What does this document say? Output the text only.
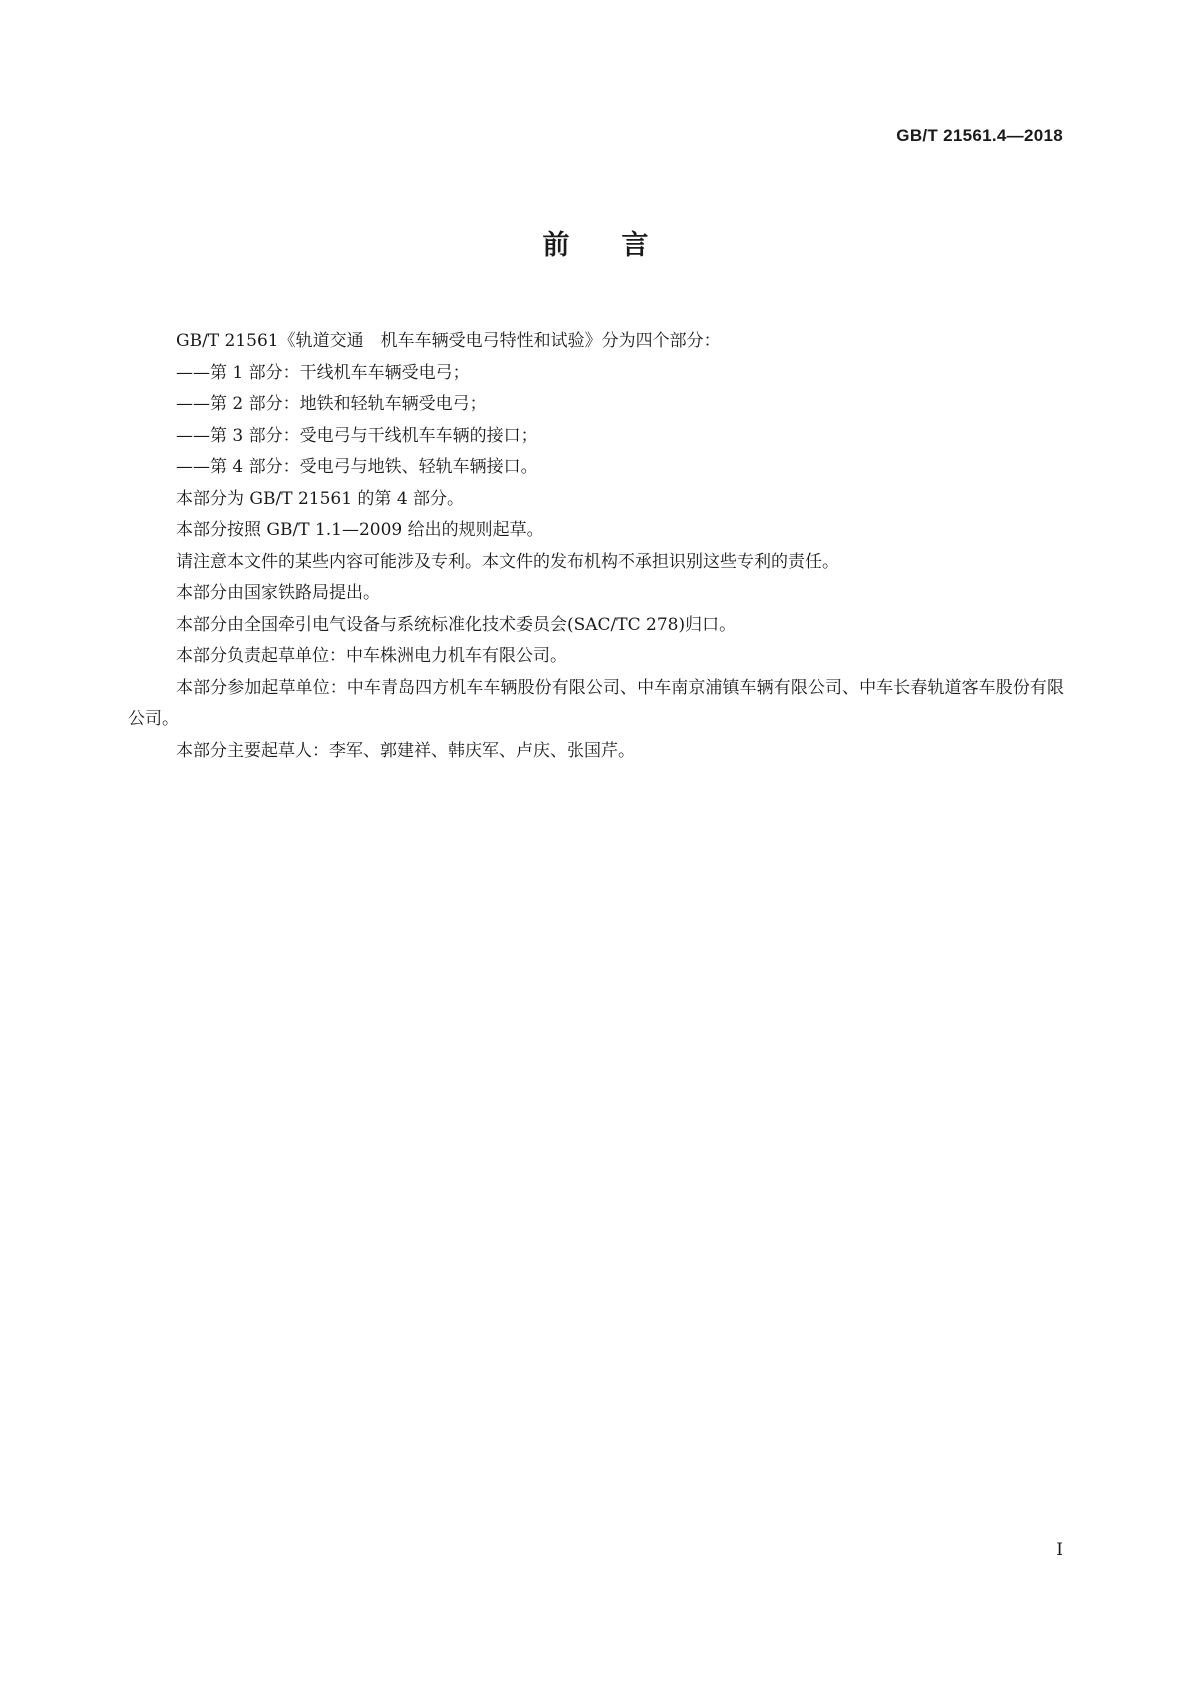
GB/T 21561.4—2018
前言

GB/T 21561《轨道交通　机车车辆受电弓特性和试验》分为四个部分：

——第 1 部分：干线机车车辆受电弓；

——第 2 部分：地铁和轻轨车辆受电弓；

——第 3 部分：受电弓与干线机车车辆的接口；

——第 4 部分：受电弓与地铁、轻轨车辆接口。

本部分为 GB/T 21561 的第 4 部分。

本部分按照 GB/T 1.1—2009 给出的规则起草。

请注意本文件的某些内容可能涉及专利。本文件的发布机构不承担识别这些专利的责任。

本部分由国家铁路局提出。

本部分由全国牵引电气设备与系统标准化技术委员会(SAC/TC 278)归口。

本部分负责起草单位：中车株洲电力机车有限公司。

本部分参加起草单位：中车青岛四方机车车辆股份有限公司、中车南京浦镇车辆有限公司、中车长春轨道客车股份有限公司。

本部分主要起草人：李军、郭建祥、韩庆军、卢庆、张国芹。

I
